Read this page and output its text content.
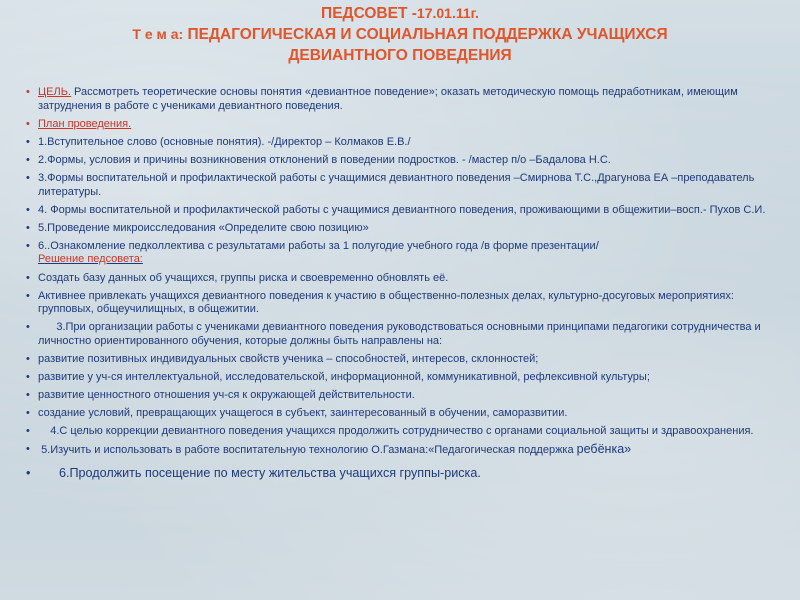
ПЕДСОВЕТ -17.01.11г.
Т е м а: ПЕДАГОГИЧЕСКАЯ И СОЦИАЛЬНАЯ ПОДДЕРЖКА УЧАЩИХСЯ
ДЕВИАНТНОГО ПОВЕДЕНИЯ
• ЦЕЛЬ. Рассмотреть теоретические основы понятия «девиантное поведение»; оказать методическую помощь педработникам, имеющим затруднения в работе с учениками девиантного поведения.
• План проведения.
• 1.Вступительное слово (основные понятия). -/Директор – Колмаков Е.В./
• 2.Формы, условия и причины возникновения отклонений в поведении подростков. - /мастер п/о –Бадалова Н.С.
• 3.Формы воспитательной и профилактической работы с учащимися девиантного поведения –Смирнова Т.С.,Драгунова ЕА –преподаватель литературы.
• 4. Формы воспитательной и профилактической работы с учащимися девиантного поведения, проживающими в общежитии–восп.- Пухов С.И.
• 5.Проведение микроисследования «Определите свою позицию»
• 6..Ознакомление педколлектива с результатами работы за 1 полугодие учебного года /в форме презентации/
Решение педсовета:
• Создать базу данных об учащихся, группы риска и своевременно обновлять её.
• Активнее привлекать учащихся девиантного поведения к участию в общественно-полезных делах, культурно-досуговых мероприятиях: групповых, общеучилищных, в общежитии.
•       3.При организации работы с учениками девиантного поведения руководствоваться основными принципами педагогики сотрудничества и личностно ориентированного обучения, которые должны быть направлены на:
• развитие позитивных индивидуальных свойств ученика – способностей, интересов, склонностей;
• развитие у уч-ся интеллектуальной, исследовательской, информационной, коммуникативной, рефлексивной культуры;
• развитие ценностного отношения уч-ся к окружающей действительности.
• создание условий, превращающих учащегося в субъект, заинтересованный в обучении, саморазвитии.
•     4.С целью коррекции девиантного поведения учащихся продолжить сотрудничество с органами социальной защиты и здравоохранения.
•  5.Изучить и использовать в работе воспитательную технологию О.Газмана:«Педагогическая поддержка ребёнка»
•       6.Продолжить посещение по месту жительства учащихся группы-риска.
